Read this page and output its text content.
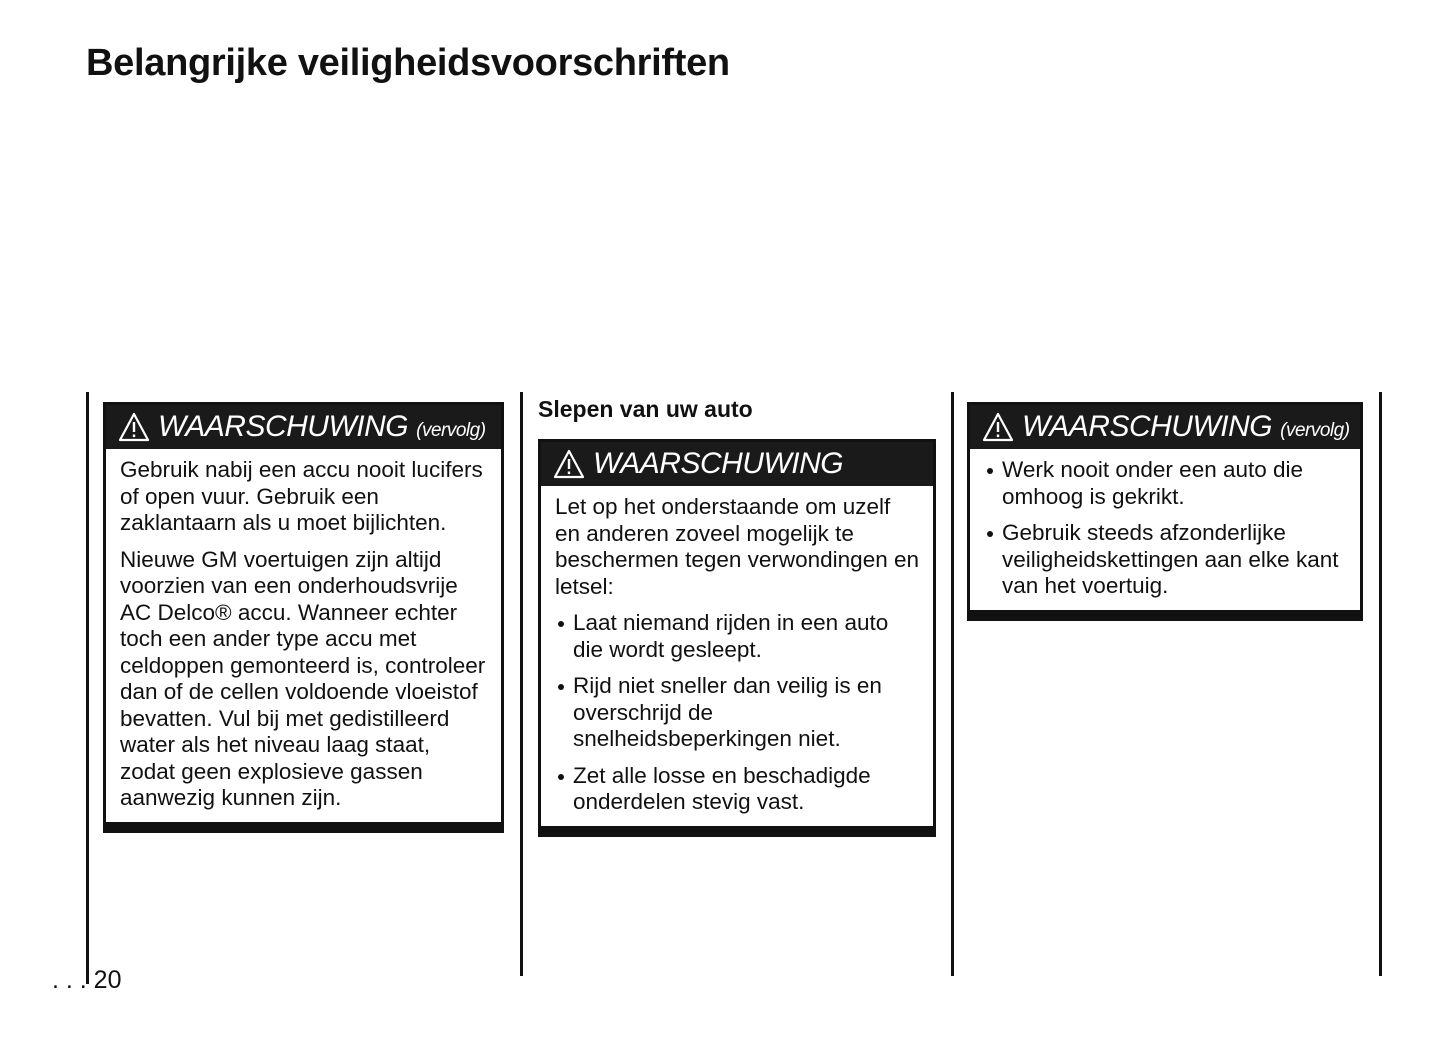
Belangrijke veiligheidsvoorschriften
WAARSCHUWING (vervolg)

Gebruik nabij een accu nooit lucifers of open vuur. Gebruik een zaklantaarn als u moet bijlichten.

Nieuwe GM voertuigen zijn altijd voorzien van een onderhoudsvrije AC Delco® accu. Wanneer echter toch een ander type accu met celdoppen gemonteerd is, controleer dan of de cellen voldoende vloeistof bevatten. Vul bij met gedistilleerd water als het niveau laag staat, zodat geen explosieve gassen aanwezig kunnen zijn.

Slepen van uw auto
WAARSCHUWING

Let op het onderstaande om uzelf en anderen zoveel mogelijk te beschermen tegen verwondingen en letsel:

Laat niemand rijden in een auto die wordt gesleept.
Rijd niet sneller dan veilig is en overschrijd de snelheidsbeperkingen niet.
Zet alle losse en beschadigde onderdelen stevig vast.
WAARSCHUWING (vervolg)
Werk nooit onder een auto die omhoog is gekrikt.
Gebruik steeds afzonderlijke veiligheidskettingen aan elke kant van het voertuig.
. . . 20
